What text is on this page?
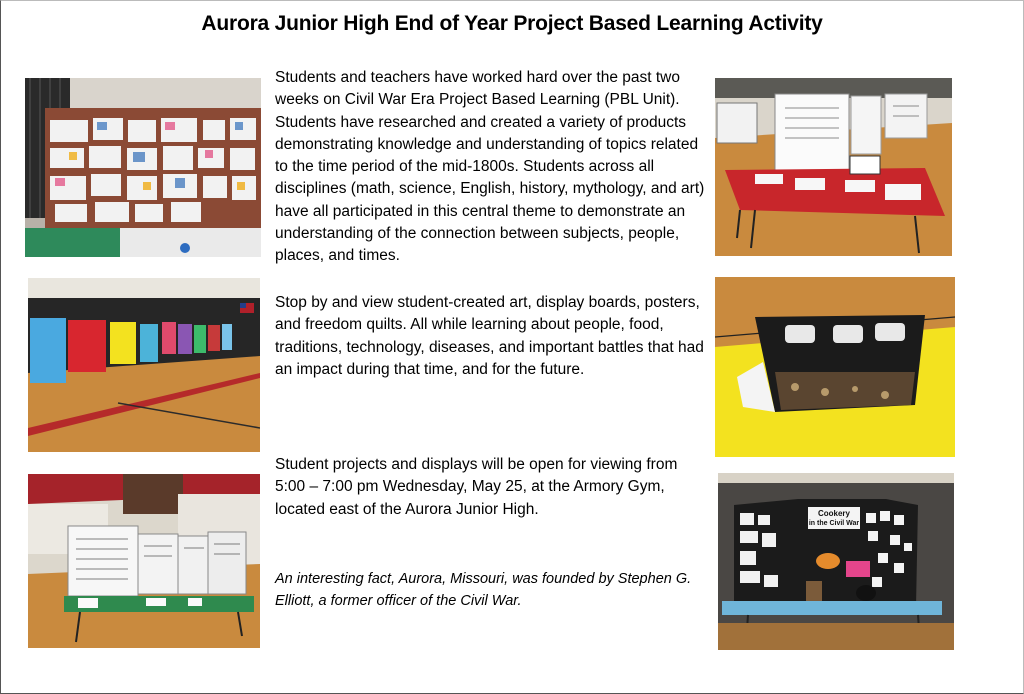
Aurora Junior High End of Year Project Based Learning Activity

Students and teachers have worked hard over the past two weeks on Civil War Era Project Based Learning (PBL Unit). Students have researched and created a variety of products demonstrating knowledge and understanding of topics related to the time period of the mid-1800s. Students across all disciplines (math, science, English, history, mythology, and art) have all participated in this central theme to demonstrate an understanding of the connection between subjects, people, places, and times.

Stop by and view student-created art, display boards, posters, and freedom quilts. All while learning about people, food, traditions, technology, diseases, and important battles that had an impact during that time, and for the future.

Student projects and displays will be open for viewing from 5:00 – 7:00 pm Wednesday, May 25, at the Armory Gym, located east of the Aurora Junior High.

An interesting fact, Aurora, Missouri, was founded by Stephen G. Elliott, a former officer of the Civil War.

Cookery
in the Civil War
